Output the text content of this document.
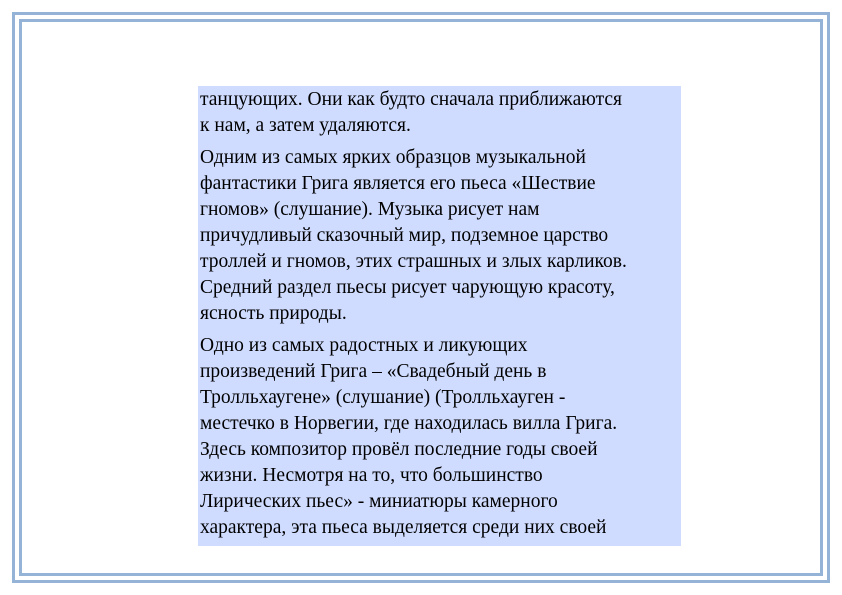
танцующих. Они как будто сначала приближаются
к нам, а затем удаляются.

Одним из самых ярких образцов музыкальной
фантастики Грига является его пьеса «Шествие
гномов» (слушание). Музыка рисует нам
причудливый сказочный мир, подземное царство
троллей и гномов, этих страшных и злых карликов.
Средний раздел пьесы рисует чарующую красоту,
ясность природы.

Одно из самых радостных и ликующих
произведений Грига – «Свадебный день в
Тролльхаугене» (слушание) (Тролльхауген -
местечко в Норвегии, где находилась вилла Грига.
Здесь композитор провёл последние годы своей
жизни. Несмотря на то, что большинство
Лирических пьес» - миниатюры камерного
характера, эта пьеса выделяется среди них своей
